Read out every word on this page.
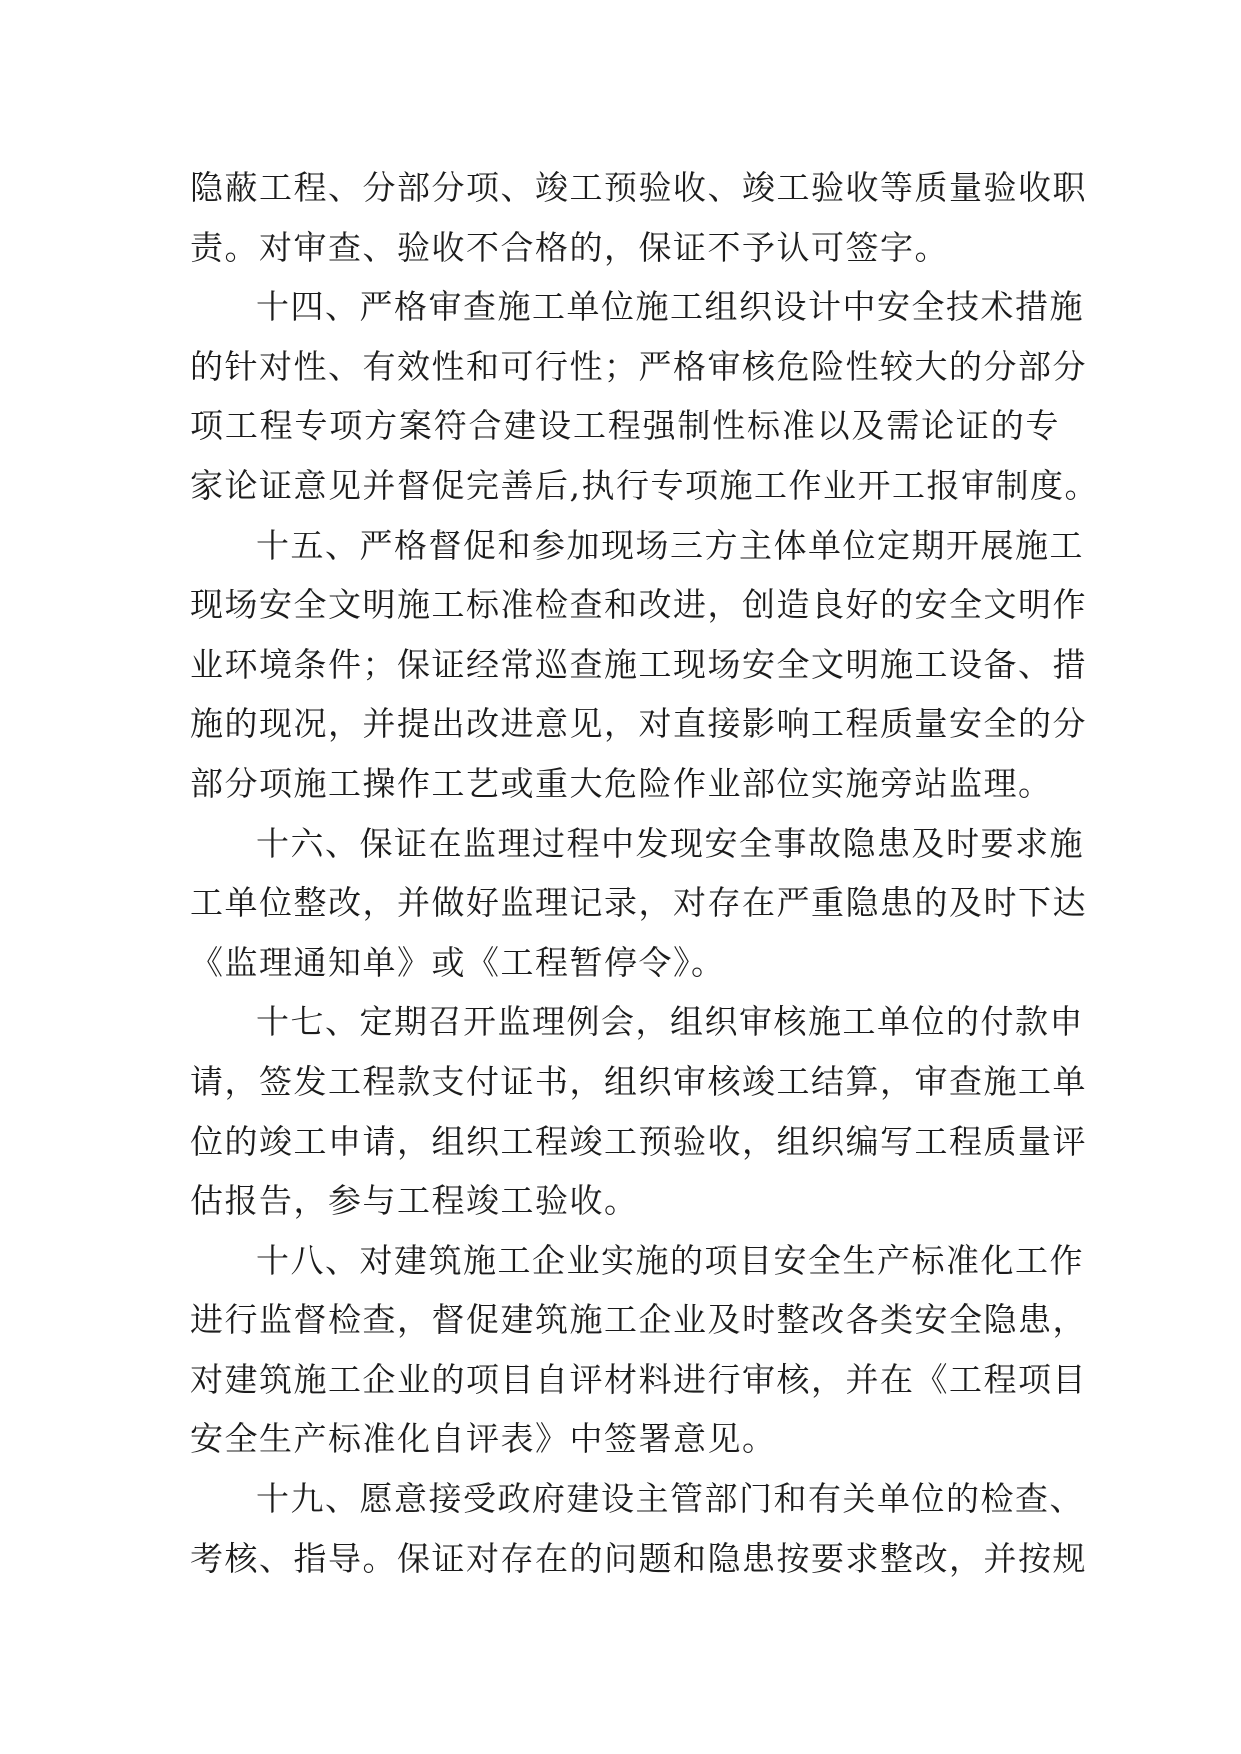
隐蔽工程、分部分项、竣工预验收、竣工验收等质量验收职
责。对审查、验收不合格的，保证不予认可签字。

十四、严格审查施工单位施工组织设计中安全技术措施
的针对性、有效性和可行性；严格审核危险性较大的分部分
项工程专项方案符合建设工程强制性标准以及需论证的专
家论证意见并督促完善后,执行专项施工作业开工报审制度。

十五、严格督促和参加现场三方主体单位定期开展施工
现场安全文明施工标准检查和改进，创造良好的安全文明作
业环境条件；保证经常巡查施工现场安全文明施工设备、措
施的现况，并提出改进意见，对直接影响工程质量安全的分
部分项施工操作工艺或重大危险作业部位实施旁站监理。

十六、保证在监理过程中发现安全事故隐患及时要求施
工单位整改，并做好监理记录，对存在严重隐患的及时下达
《监理通知单》或《工程暂停令》。

十七、定期召开监理例会，组织审核施工单位的付款申
请，签发工程款支付证书，组织审核竣工结算，审查施工单
位的竣工申请，组织工程竣工预验收，组织编写工程质量评
估报告，参与工程竣工验收。

十八、对建筑施工企业实施的项目安全生产标准化工作
进行监督检查，督促建筑施工企业及时整改各类安全隐患，
对建筑施工企业的项目自评材料进行审核，并在《工程项目
安全生产标准化自评表》中签署意见。

十九、愿意接受政府建设主管部门和有关单位的检查、
考核、指导。保证对存在的问题和隐患按要求整改，并按规
